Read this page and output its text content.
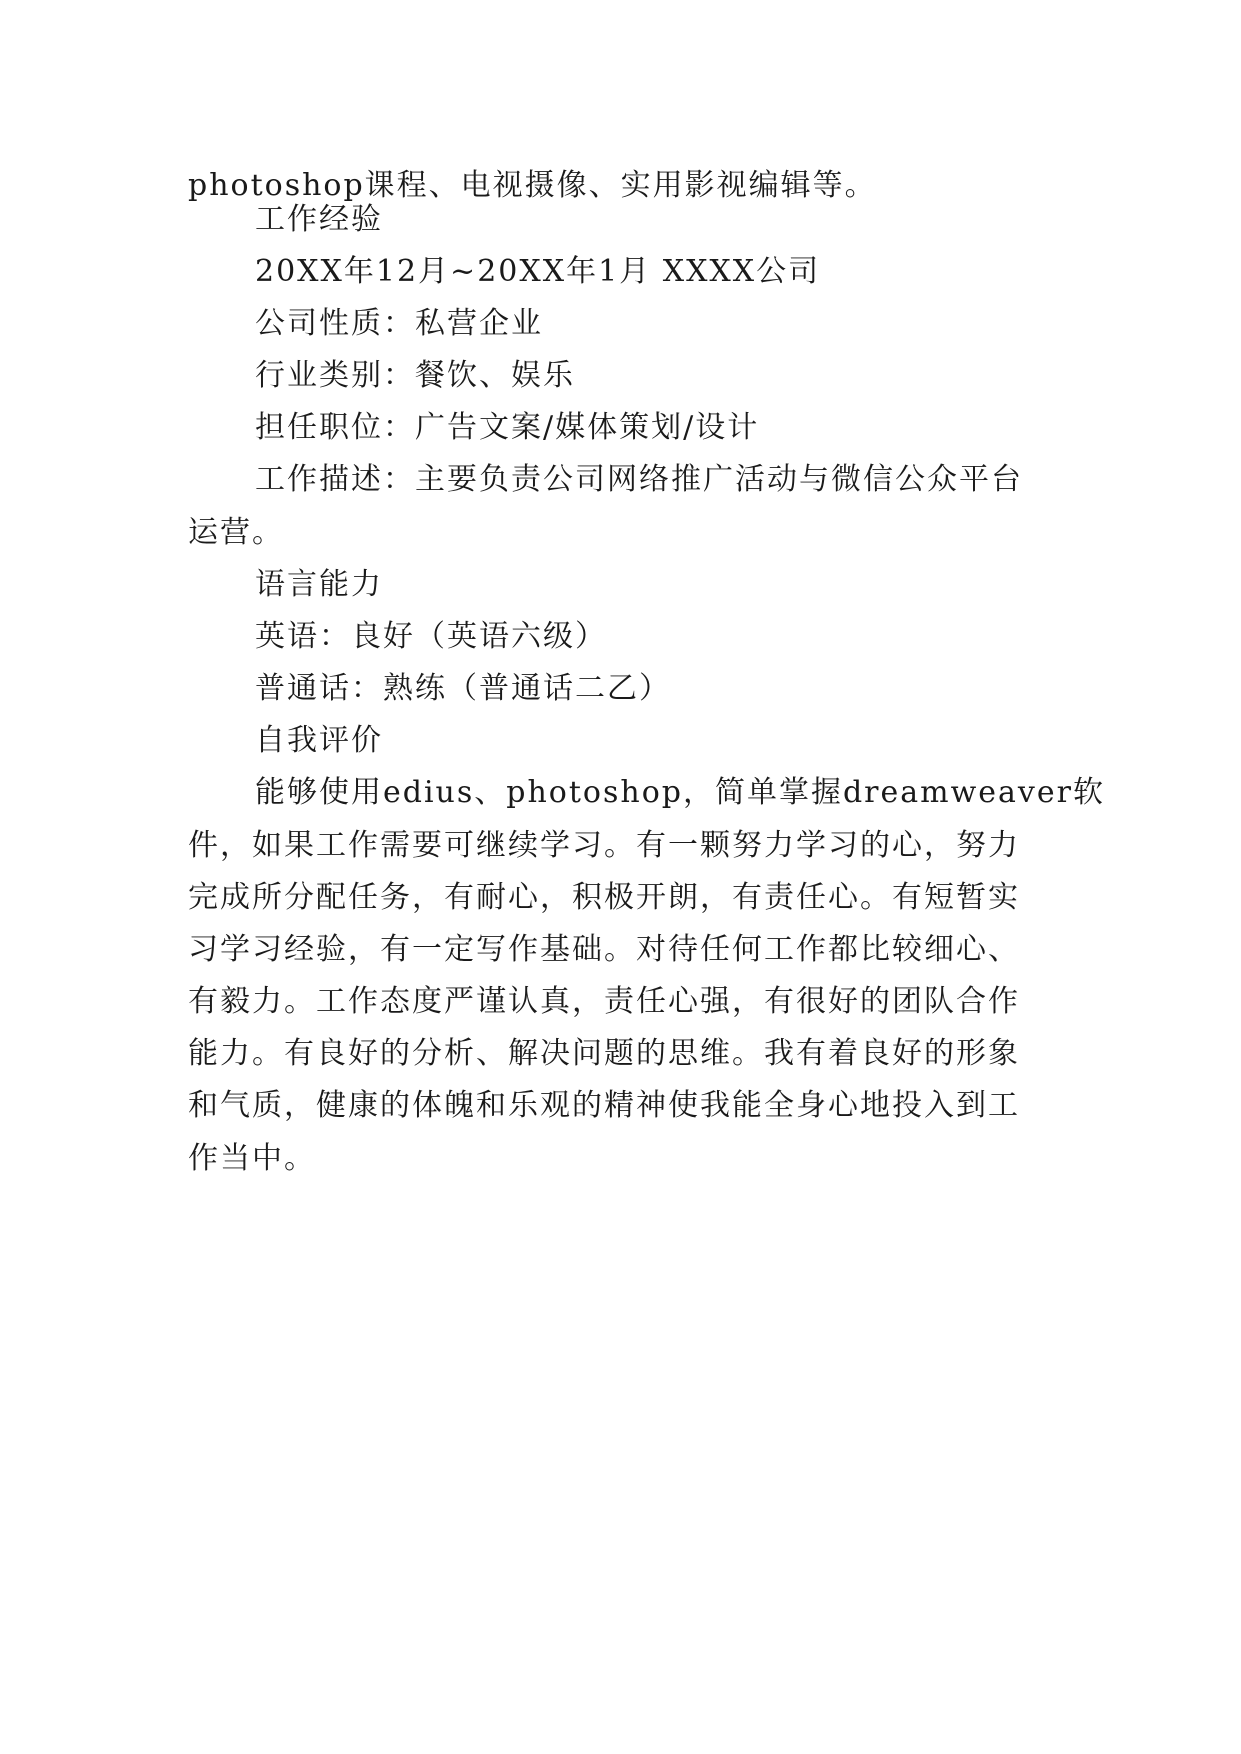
photoshop课程、电视摄像、实用影视编辑等。
工作经验
20XX年12月~20XX年1月 XXXX公司
公司性质：私营企业
行业类别：餐饮、娱乐
担任职位：广告文案/媒体策划/设计
工作描述：主要负责公司网络推广活动与微信公众平台
运营。
语言能力
英语：良好（英语六级）
普通话：熟练（普通话二乙）
自我评价
能够使用edius、photoshop，简单掌握dreamweaver软
件，如果工作需要可继续学习。有一颗努力学习的心，努力
完成所分配任务，有耐心，积极开朗，有责任心。有短暂实
习学习经验，有一定写作基础。对待任何工作都比较细心、
有毅力。工作态度严谨认真，责任心强，有很好的团队合作
能力。有良好的分析、解决问题的思维。我有着良好的形象
和气质，健康的体魄和乐观的精神使我能全身心地投入到工
作当中。
